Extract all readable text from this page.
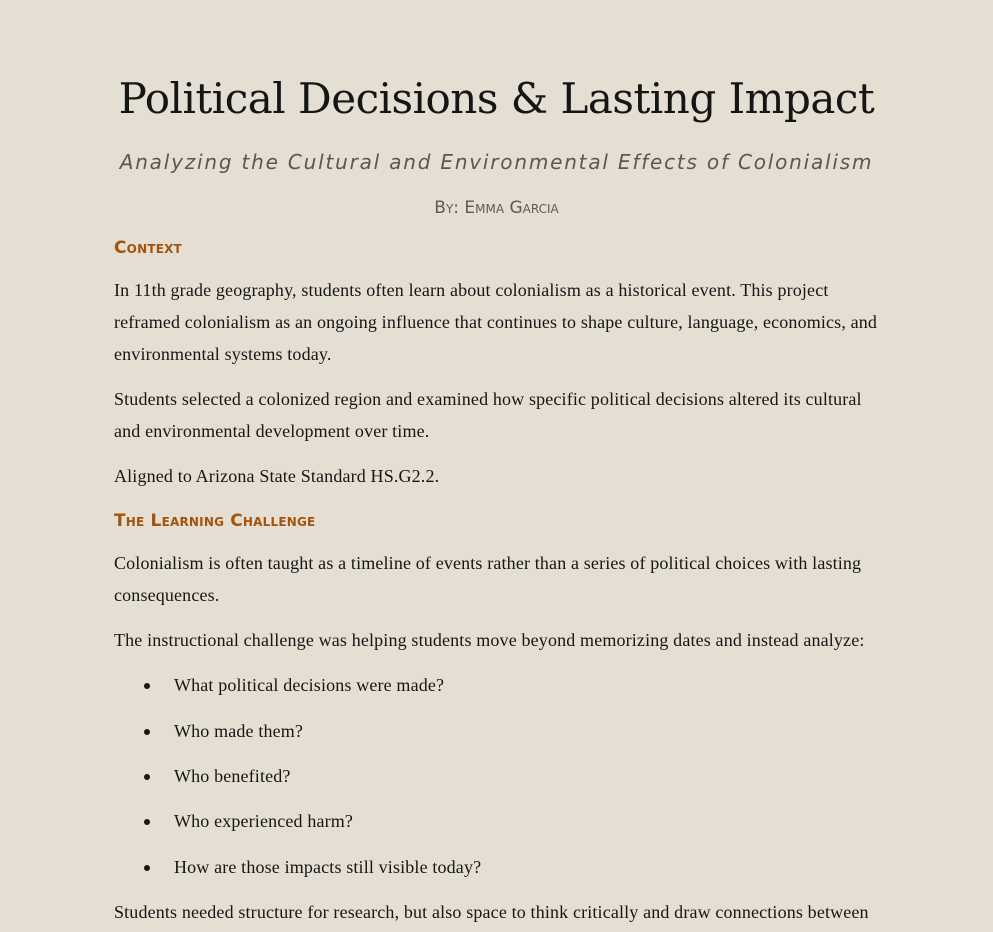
Political Decisions & Lasting Impact

Analyzing the Cultural and Environmental Effects of Colonialism

By: Emma Garcia

Context

In 11th grade geography, students often learn about colonialism as a historical event. This project reframed colonialism as an ongoing influence that continues to shape culture, language, economics, and environmental systems today.

Students selected a colonized region and examined how specific political decisions altered its cultural and environmental development over time.

Aligned to Arizona State Standard HS.G2.2.

The Learning Challenge

Colonialism is often taught as a timeline of events rather than a series of political choices with lasting consequences.

The instructional challenge was helping students move beyond memorizing dates and instead analyze:

What political decisions were made?
Who made them?
Who benefited?
Who experienced harm?
How are those impacts still visible today?

Students needed structure for research, but also space to think critically and draw connections between
